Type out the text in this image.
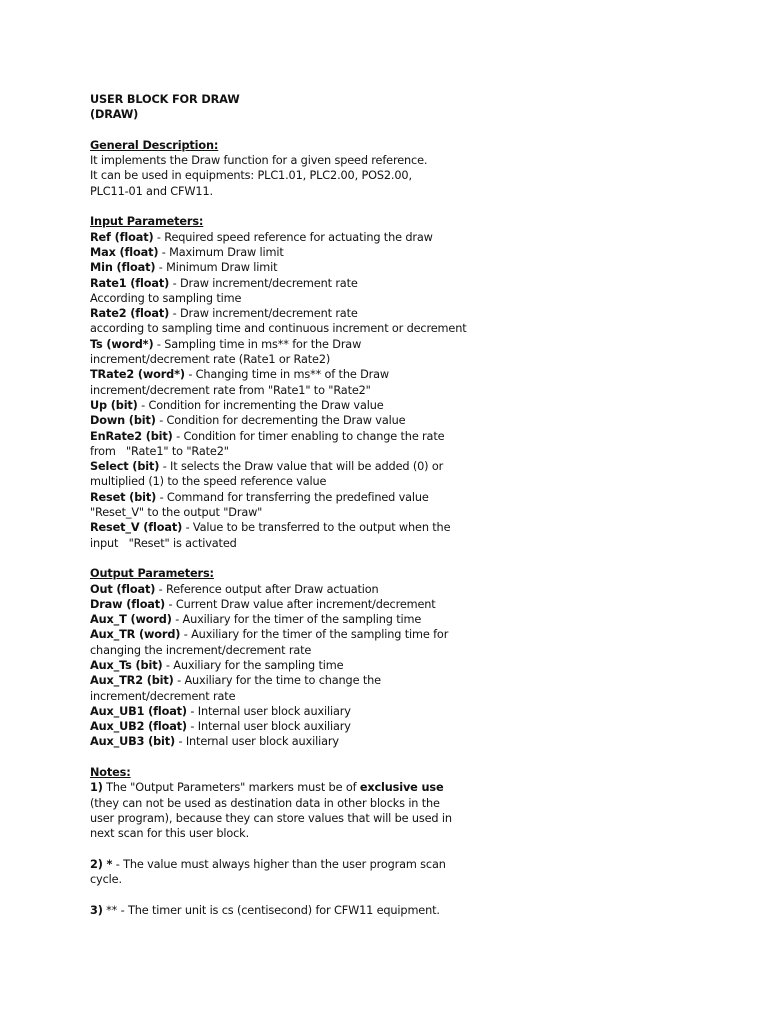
USER BLOCK FOR DRAW
(DRAW)
General Description:
It implements the Draw function for a given speed reference.
It can be used in equipments: PLC1.01, PLC2.00, POS2.00,
PLC11-01 and CFW11.
Input Parameters:
Ref (float) - Required speed reference for actuating the draw
Max (float) - Maximum Draw limit
Min (float) - Minimum Draw limit
Rate1 (float) - Draw increment/decrement rate
According to sampling time
Rate2 (float) - Draw increment/decrement rate
according to sampling time and continuous increment or decrement
Ts (word*) - Sampling time in ms** for the Draw
increment/decrement rate (Rate1 or Rate2)
TRate2 (word*) - Changing time in ms** of the Draw
increment/decrement rate from "Rate1" to "Rate2"
Up (bit) - Condition for incrementing the Draw value
Down (bit) - Condition for decrementing the Draw value
EnRate2 (bit) - Condition for timer enabling to change the rate
from   "Rate1" to "Rate2"
Select (bit) - It selects the Draw value that will be added (0) or
multiplied (1) to the speed reference value
Reset (bit) - Command for transferring the predefined value
"Reset_V" to the output "Draw"
Reset_V (float) - Value to be transferred to the output when the
input   "Reset" is activated
Output Parameters:
Out (float) - Reference output after Draw actuation
Draw (float) - Current Draw value after increment/decrement
Aux_T (word) - Auxiliary for the timer of the sampling time
Aux_TR (word) - Auxiliary for the timer of the sampling time for
changing the increment/decrement rate
Aux_Ts (bit) - Auxiliary for the sampling time
Aux_TR2 (bit) - Auxiliary for the time to change the
increment/decrement rate
Aux_UB1 (float) - Internal user block auxiliary
Aux_UB2 (float) - Internal user block auxiliary
Aux_UB3 (bit) - Internal user block auxiliary
Notes:
1) The "Output Parameters" markers must be of exclusive use
(they can not be used as destination data in other blocks in the
user program), because they can store values that will be used in
next scan for this user block.
2) * - The value must always higher than the user program scan
cycle.
3) ** - The timer unit is cs (centisecond) for CFW11 equipment.
